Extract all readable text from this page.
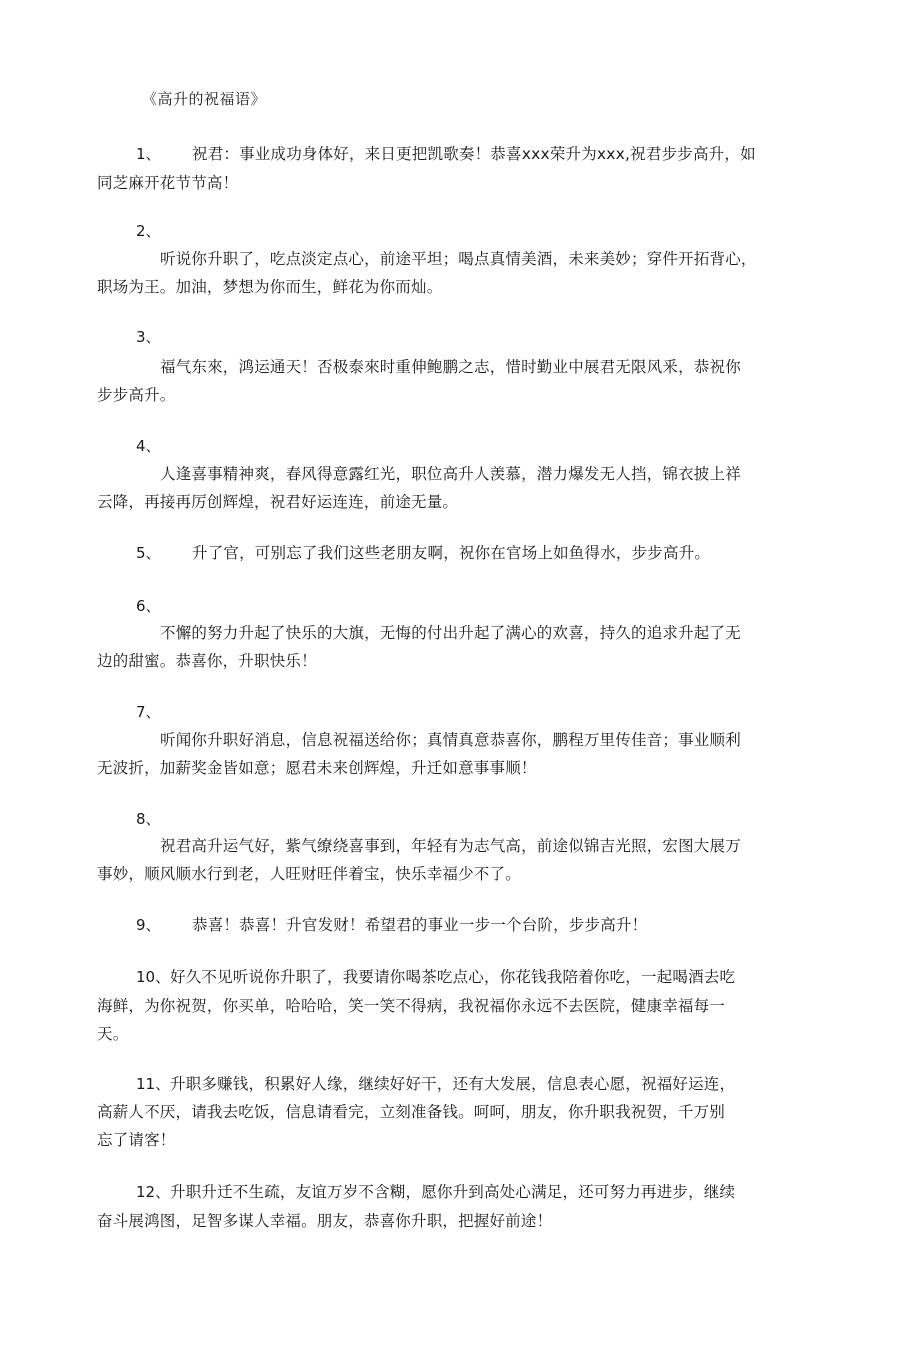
《高升的祝福语》
1、 祝君：事业成功身体好，来日更把凯歌奏！恭喜xxx荣升为xxx,祝君步步高升，如
同芝麻开花节节高！
2、
听说你升职了，吃点淡定点心，前途平坦；喝点真情美酒，未来美妙；穿件开拓背心，
职场为王。加油，梦想为你而生，鲜花为你而灿。
3、
福气东來，鸿运通天！否极泰來时重伸鲍鹏之志，惜时勤业中展君无限风釆，恭祝你
步步高升。
4、
人逢喜事精神爽，春风得意露红光，职位高升人羡慕，潜力爆发无人挡，锦衣披上祥
云降，再接再厉创辉煌，祝君好运连连，前途无量。
5、 升了官，可别忘了我们这些老朋友啊，祝你在官场上如鱼得水，步步高升。
6、
不懈的努力升起了快乐的大旗，无悔的付出升起了满心的欢喜，持久的追求升起了无
边的甜蜜。恭喜你，升职快乐！
7、
听闻你升职好消息，信息祝福送给你；真情真意恭喜你，鹏程万里传佳音；事业顺利
无波折，加薪奖金皆如意；愿君未来创辉煌，升迁如意事事顺！
8、
祝君高升运气好，紫气缭绕喜事到，年轻有为志气高，前途似锦吉光照，宏图大展万
事妙，顺风顺水行到老，人旺财旺伴着宝，快乐幸福少不了。
9、 恭喜！恭喜！升官发财！希望君的事业一步一个台阶，步步高升！
10、 好久不见听说你升职了，我要请你喝茶吃点心，你花钱我陪着你吃，一起喝酒去吃
海鲜，为你祝贺，你买单，哈哈哈，笑一笑不得病，我祝福你永远不去医院，健康幸福每一
天。
11、 升职多赚钱，积累好人缘，继续好好干，还有大发展，信息表心愿，祝福好运连，
高薪人不厌，请我去吃饭，信息请看完，立刻准备钱。呵呵，朋友，你升职我祝贺，千万别
忘了请客！
12、 升职升迁不生疏，友谊万岁不含糊，愿你升到高处心满足，还可努力再进步，继续
奋斗展鸿图，足智多谋人幸福。朋友，恭喜你升职，把握好前途！
